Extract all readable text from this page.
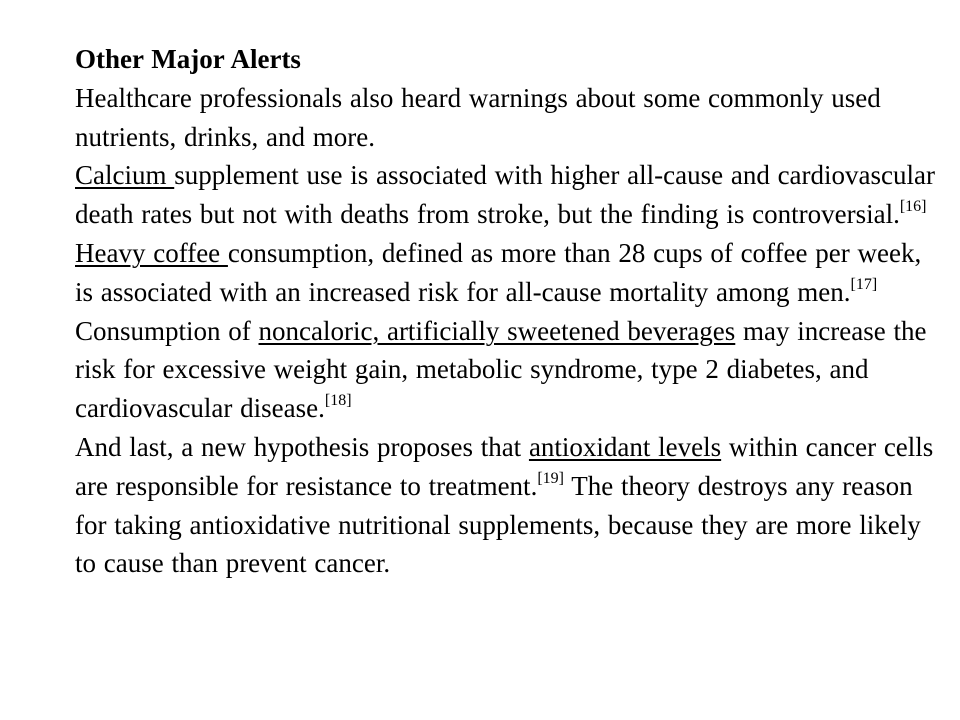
Other Major Alerts

Healthcare professionals also heard warnings about some commonly used nutrients, drinks, and more.

Calcium supplement use is associated with higher all-cause and cardiovascular death rates but not with deaths from stroke, but the finding is controversial.[16]

Heavy coffee consumption, defined as more than 28 cups of coffee per week, is associated with an increased risk for all-cause mortality among men.[17]

Consumption of noncaloric, artificially sweetened beverages may increase the risk for excessive weight gain, metabolic syndrome, type 2 diabetes, and cardiovascular disease.[18]

And last, a new hypothesis proposes that antioxidant levels within cancer cells are responsible for resistance to treatment.[19] The theory destroys any reason for taking antioxidative nutritional supplements, because they are more likely to cause than prevent cancer.
